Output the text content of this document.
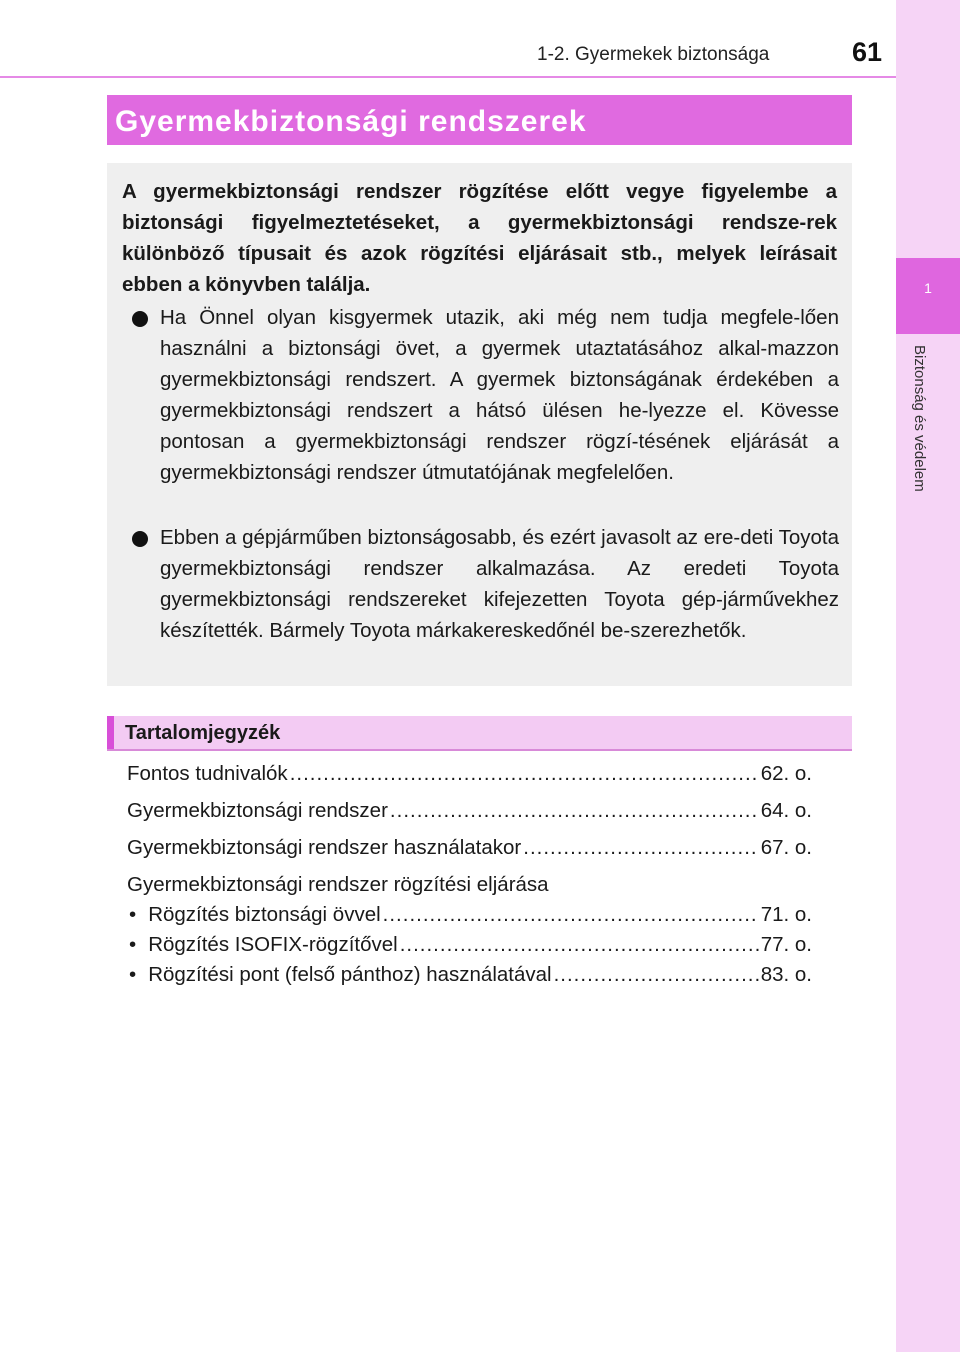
1-2. Gyermekek biztonsága	61
1
Biztonság és védelem
Gyermekbiztonsági rendszerek
A gyermekbiztonsági rendszer rögzítése előtt vegye figyelembe a biztonsági figyelmeztetéseket, a gyermekbiztonsági rendsze-rek különböző típusait és azok rögzítési eljárásait stb., melyek leírásait ebben a könyvben találja.
Ha Önnel olyan kisgyermek utazik, aki még nem tudja megfele-lően használni a biztonsági övet, a gyermek utaztatásához alkal-mazzon gyermekbiztonsági rendszert. A gyermek biztonságának érdekében a gyermekbiztonsági rendszert a hátsó ülésen he-lyezze el. Kövesse pontosan a gyermekbiztonsági rendszer rögzí-tésének eljárását a gyermekbiztonsági rendszer útmutatójának megfelelően.
Ebben a gépjárműben biztonságosabb, és ezért javasolt az ere-deti Toyota gyermekbiztonsági rendszer alkalmazása. Az eredeti Toyota gyermekbiztonsági rendszereket kifejezetten Toyota gép-járművekhez készítették. Bármely Toyota márkakereskedőnél be-szerezhetők.
Tartalomjegyzék
Fontos tudnivalók .....	62. o.
Gyermekbiztonsági rendszer .....	64. o.
Gyermekbiztonsági rendszer használatakor .....	67. o.
Gyermekbiztonsági rendszer rögzítési eljárása
• Rögzítés biztonsági övvel .....	71. o.
• Rögzítés ISOFIX-rögzítővel .....	77. o.
• Rögzítési pont (felső pánthoz) használatával .....	83. o.
